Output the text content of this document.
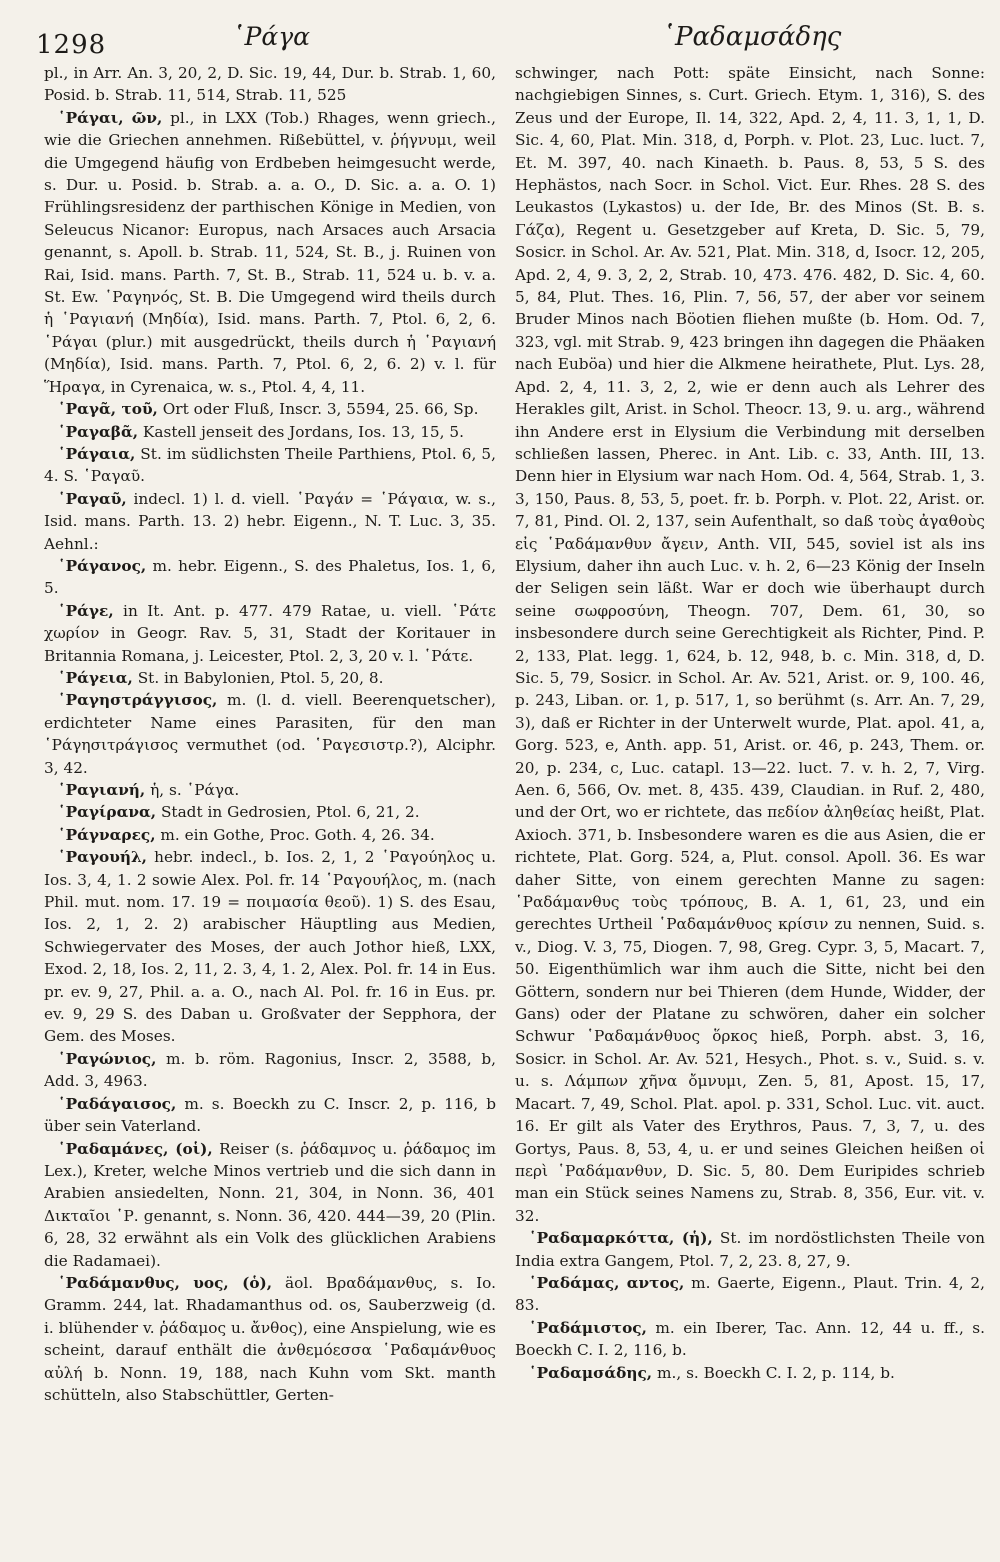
1298	῾Ράγα	῾Ραδαμσάδης

pl., in Arr. An. 3, 20, 2, D. Sic. 19, 44, Dur. b. Strab. 1, 60, Posid. b. Strab. 11, 514, Strab. 11, 525

῾Ράγαι, ῶν, pl., in LXX (Tob.) Rhages, wenn griech., wie die Griechen annehmen. Rißebüttel, v. ῥήγνυμι, weil die Umgegend häufig von Erdbeben heimgesucht werde, s. Dur. u. Posid. b. Strab. a. a. O., D. Sic. a. a. O. 1) Frühlingsresidenz der parthischen Könige in Medien, von Seleucus Nicanor: Europus, nach Arsaces auch Arsacia genannt, s. Apoll. b. Strab. 11, 524, St. B., j. Ruinen von Rai, Isid. mans. Parth. 7, St. B., Strab. 11, 524 u. b. v. a. St. Ew. ῾Ραγηνός, St. B. Die Umgegend wird theils durch ἡ ῾Ραγιανή (Μηδία), Isid. mans. Parth. 7, Ptol. 6, 2, 6. ῾Ράγαι (plur.) mit ausgedrückt, theils durch ἡ ῾Ραγιανή (Μηδία), Isid. mans. Parth. 7, Ptol. 6, 2, 6. 2) v. l. für Ἥραγα, in Cyrenaica, w. s., Ptol. 4, 4, 11.

῾Ραγᾶ, τοῦ, Ort oder Fluß, Inscr. 3, 5594, 25. 66, Sp.

῾Ραγαβᾶ, Kastell jenseit des Jordans, Ios. 13, 15, 5.

῾Ράγαια, St. im südlichsten Theile Parthiens, Ptol. 6, 5, 4. S. ῾Ραγαῦ.

῾Ραγαῦ, indecl. 1) l. d. viell. ῾Ραγάν = ῾Ράγαια, w. s., Isid. mans. Parth. 13. 2) hebr. Eigenn., N. T. Luc. 3, 35. Aehnl.:

῾Ράγανος, m. hebr. Eigenn., S. des Phaletus, Ios. 1, 6, 5.

῾Ράγε, in It. Ant. p. 477. 479 Ratae, u. viell. ῾Ράτε χωρίον in Geogr. Rav. 5, 31, Stadt der Koritauer in Britannia Romana, j. Leicester, Ptol. 2, 3, 20 v. l. ῾Ράτε.

῾Ράγεια, St. in Babylonien, Ptol. 5, 20, 8.

῾Ραγηστράγγισος, m. (l. d. viell. Beerenquetscher), erdichteter Name eines Parasiten, für den man ῾Ράγησιτράγισος vermuthet (od. ῾Ραγεσιστρ.?), Alciphr. 3, 42.

῾Ραγιανή, ἡ, s. ῾Ράγα.

῾Ραγίρανα, Stadt in Gedrosien, Ptol. 6, 21, 2.

῾Ράγναρες, m. ein Gothe, Proc. Goth. 4, 26. 34.

῾Ραγουήλ, hebr. indecl., b. Ios. 2, 1, 2 ῾Ραγούηλος u. Ios. 3, 4, 1. 2 sowie Alex. Pol. fr. 14 ῾Ραγουήλος, m. (nach Phil. mut. nom. 17. 19 = ποιμασία θεοῦ). 1) S. des Esau, Ios. 2, 1, 2. 2) arabischer Häuptling aus Medien, Schwiegervater des Moses, der auch Jothor hieß, LXX, Exod. 2, 18, Ios. 2, 11, 2. 3, 4, 1. 2, Alex. Pol. fr. 14 in Eus. pr. ev. 9, 27, Phil. a. a. O., nach Al. Pol. fr. 16 in Eus. pr. ev. 9, 29 S. des Daban u. Großvater der Sepphora, der Gem. des Moses.

῾Ραγώνιος, m. b. röm. Ragonius, Inscr. 2, 3588, b, Add. 3, 4963.

῾Ραδάγαισος, m. s. Boeckh zu C. Inscr. 2, p. 116, b über sein Vaterland.

῾Ραδαμάνες, (οἱ), Reiser (s. ῥάδαμνος u. ῥάδαμος im Lex.), Kreter, welche Minos vertrieb und die sich dann in Arabien ansiedelten, Nonn. 21, 304, in Nonn. 36, 401 Δικταῖοι ῾Ρ. genannt, s. Nonn. 36, 420. 444—39, 20 (Plin. 6, 28, 32 erwähnt als ein Volk des glücklichen Arabiens die Radamaei).

῾Ραδάμανθυς, υος, (ὁ), äol. Βραδάμανθυς, s. Io. Gramm. 244, lat. Rhadamanthus od. os, Sauberzweig (d. i. blühender v. ῥάδαμος u. ἄνθος), eine Anspielung, wie es scheint, darauf enthält die ἀνθεμόεσσα ῾Ραδαμάνθυος αὐλή b. Nonn. 19, 188, nach Kuhn vom Skt. manth schütteln, also Stabschüttler, Gerten-

schwinger, nach Pott: späte Einsicht, nach Sonne: nachgiebigen Sinnes, s. Curt. Griech. Etym. 1, 316), S. des Zeus und der Europe, Il. 14, 322, Apd. 2, 4, 11. 3, 1, 1, D. Sic. 4, 60, Plat. Min. 318, d, Porph. v. Plot. 23, Luc. luct. 7, Et. M. 397, 40. nach Kinaeth. b. Paus. 8, 53, 5 S. des Hephästos, nach Socr. in Schol. Vict. Eur. Rhes. 28 S. des Leukastos (Lykastos) u. der Ide, Br. des Minos (St. B. s. Γάζα), Regent u. Gesetzgeber auf Kreta, D. Sic. 5, 79, Sosicr. in Schol. Ar. Av. 521, Plat. Min. 318, d, Isocr. 12, 205, Apd. 2, 4, 9. 3, 2, 2, Strab. 10, 473. 476. 482, D. Sic. 4, 60. 5, 84, Plut. Thes. 16, Plin. 7, 56, 57, der aber vor seinem Bruder Minos nach Böotien fliehen mußte (b. Hom. Od. 7, 323, vgl. mit Strab. 9, 423 bringen ihn dagegen die Phäaken nach Euböa) und hier die Alkmene heirathete, Plut. Lys. 28, Apd. 2, 4, 11. 3, 2, 2, wie er denn auch als Lehrer des Herakles gilt, Arist. in Schol. Theocr. 13, 9. u. arg., während ihn Andere erst in Elysium die Verbindung mit derselben schließen lassen, Pherec. in Ant. Lib. c. 33, Anth. III, 13. Denn hier in Elysium war nach Hom. Od. 4, 564, Strab. 1, 3. 3, 150, Paus. 8, 53, 5, poet. fr. b. Porph. v. Plot. 22, Arist. or. 7, 81, Pind. Ol. 2, 137, sein Aufenthalt, so daß τοὺς ἀγαθοὺς εἰς ῾Ραδάμανθυν ἄγειν, Anth. VII, 545, soviel ist als ins Elysium, daher ihn auch Luc. v. h. 2, 6—23 König der Inseln der Seligen sein läßt. War er doch wie überhaupt durch seine σωφροσύνη, Theogn. 707, Dem. 61, 30, so insbesondere durch seine Gerechtigkeit als Richter, Pind. P. 2, 133, Plat. legg. 1, 624, b. 12, 948, b. c. Min. 318, d, D. Sic. 5, 79, Sosicr. in Schol. Ar. Av. 521, Arist. or. 9, 100. 46, p. 243, Liban. or. 1, p. 517, 1, so berühmt (s. Arr. An. 7, 29, 3), daß er Richter in der Unterwelt wurde, Plat. apol. 41, a, Gorg. 523, e, Anth. app. 51, Arist. or. 46, p. 243, Them. or. 20, p. 234, c, Luc. catapl. 13—22. luct. 7. v. h. 2, 7, Virg. Aen. 6, 566, Ov. met. 8, 435. 439, Claudian. in Ruf. 2, 480, und der Ort, wo er richtete, das πεδίον ἀληθείας heißt, Plat. Axioch. 371, b. Insbesondere waren es die aus Asien, die er richtete, Plat. Gorg. 524, a, Plut. consol. Apoll. 36. Es war daher Sitte, von einem gerechten Manne zu sagen: ῾Ραδάμανθυς τοὺς τρόπους, B. A. 1, 61, 23, und ein gerechtes Urtheil ῾Ραδαμάνθυος κρίσιν zu nennen, Suid. s. v., Diog. V. 3, 75, Diogen. 7, 98, Greg. Cypr. 3, 5, Macart. 7, 50. Eigenthümlich war ihm auch die Sitte, nicht bei den Göttern, sondern nur bei Thieren (dem Hunde, Widder, der Gans) oder der Platane zu schwören, daher ein solcher Schwur ῾Ραδαμάνθυος ὅρκος hieß, Porph. abst. 3, 16, Sosicr. in Schol. Ar. Av. 521, Hesych., Phot. s. v., Suid. s. v. u. s. Λάμπων χῆνα ὄμνυμι, Zen. 5, 81, Apost. 15, 17, Macart. 7, 49, Schol. Plat. apol. p. 331, Schol. Luc. vit. auct. 16. Er gilt als Vater des Erythros, Paus. 7, 3, 7, u. des Gortys, Paus. 8, 53, 4, u. er und seines Gleichen heißen οἱ περὶ ῾Ραδάμανθυν, D. Sic. 5, 80. Dem Euripides schrieb man ein Stück seines Namens zu, Strab. 8, 356, Eur. vit. v. 32.

῾Ραδαμαρκόττα, (ἡ), St. im nordöstlichsten Theile von India extra Gangem, Ptol. 7, 2, 23. 8, 27, 9.

῾Ραδάμας, αντος, m. Gaerte, Eigenn., Plaut. Trin. 4, 2, 83.

῾Ραδάμιστος, m. ein Iberer, Tac. Ann. 12, 44 u. ff., s. Boeckh C. I. 2, 116, b.

῾Ραδαμσάδης, m., s. Boeckh C. I. 2, p. 114, b.
